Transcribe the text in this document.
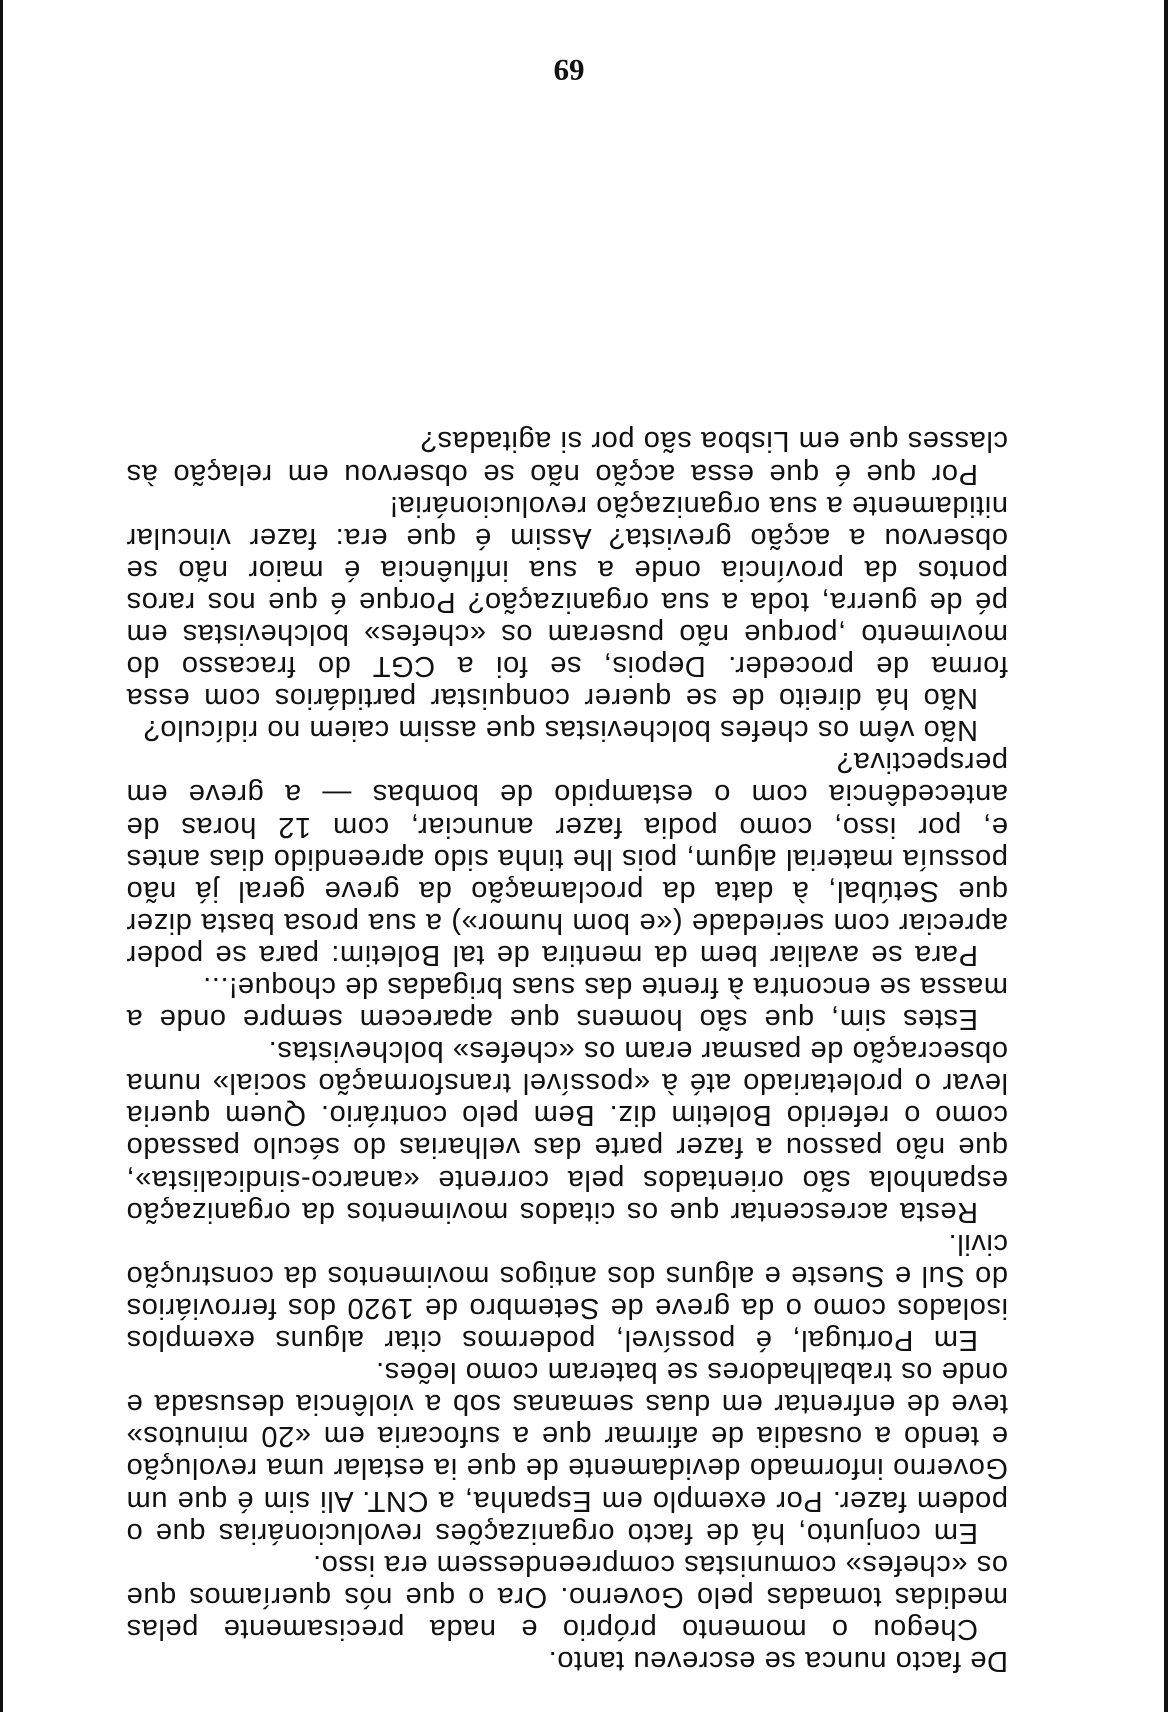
De facto nunca se escreveu tanto.

Chegou o momento próprio e nada precisamente pelas medidas tomadas pelo Governo. Ora o que nós queríamos que os «chefes» comunistas compreendessem era isso.

Em conjunto, há de facto organizações revolucionárias que o podem fazer. Por exemplo em Espanha, a CNT. Ali sim é que um Governo informado devidamente de que ia estalar uma revolução e tendo a ousadia de afirmar que a sufocaria em «20 minutos» teve de enfrentar em duas semanas sob a violência desusada e onde os trabalhadores se bateram como leões.

Em Portugal, é possível, podermos citar alguns exemplos isolados como o da greve de Setembro de 1920 dos ferroviários do Sul e Sueste e alguns dos antigos movimentos da construção civil.

Resta acrescentar que os citados movimentos da organização espanhola são orientados pela corrente «anarco-sindicalista», que não passou a fazer parte das velharias do século passado como o referido Boletim diz. Bem pelo contrário. Quem queria levar o proletariado até à «possível transformação social» numa obsecração de pasmar eram os «chefes» bolchevistas.

Estes sim, que são homens que aparecem sempre onde a massa se encontra à frente das suas brigadas de choque!...

Para se avaliar bem da mentira de tal Boletim: para se poder apreciar com seriedade («e bom humor») a sua prosa basta dizer que Setúbal, à data da proclamação da greve geral já não possuía material algum, pois lhe tinha sido apreendido dias antes e, por isso, como podia fazer anunciar, com 12 horas de antecedência com o estampido de bombas — a greve em perspectiva?

Não vêm os chefes bolchevistas que assim caiem no ridículo?

Não há direito de se querer conquistar partidários com essa forma de proceder. Depois, se foi a CGT do fracasso do movimento ,porque não puseram os «chefes» bolchevistas em pé de guerra, toda a sua organização? Porque é que nos raros pontos da província onde a sua influência é maior não se observou a acção grevista? Assim é que era: fazer vincular nitidamente a sua organização revolucionária!

Por que é que essa acção não se observou em relação às classes que em Lisboa são por si agitadas?

69
